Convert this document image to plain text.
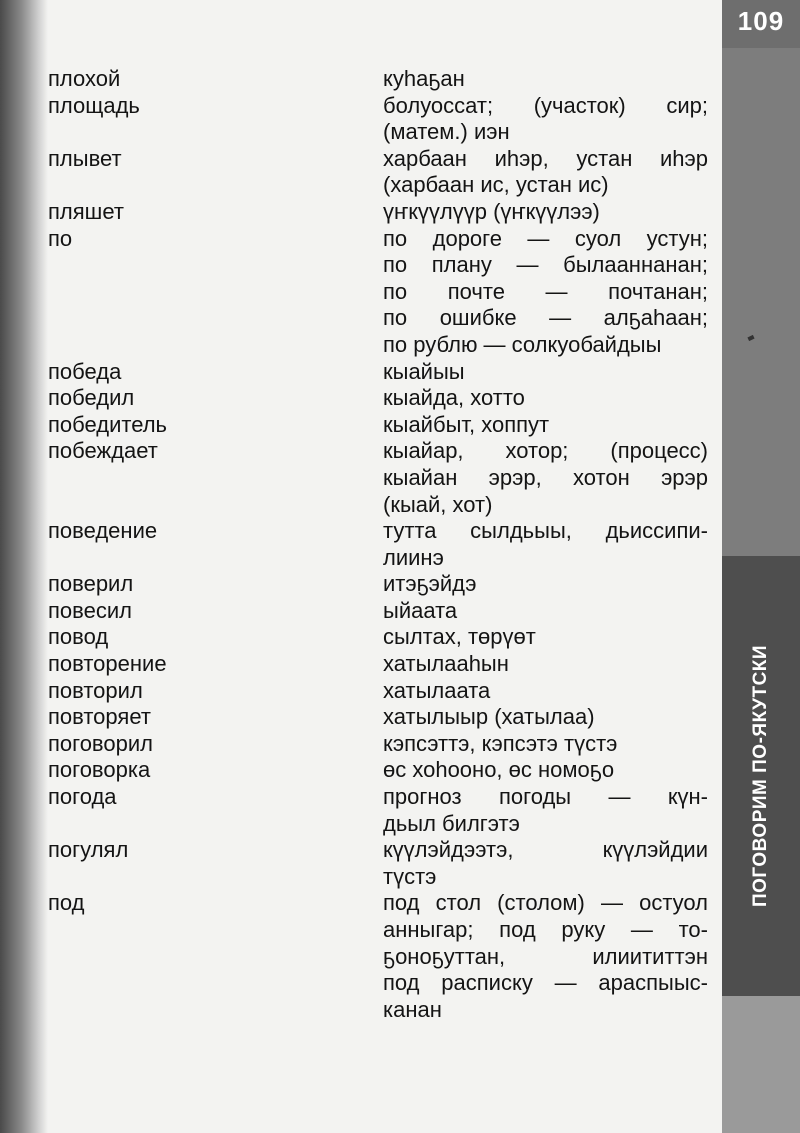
109
ПОГОВОРИМ ПО-ЯКУТСКИ
плохой	куhаҕан
площадь	болуоссат; (участок) сир;
(матем.) иэн
плывет	харбаан иhэр, устан иhэр
(харбаан ис, устан ис)
пляшет	үҥкүүлүүр (үҥкүүлээ)
по	по дороге — суол устун;
по плану — былааннанан;
по почте — почтанан;
по ошибке — алҕаhаан;
по рублю — солкуобайдыы
победа	кыайыы
победил	кыайда, хотто
победитель	кыайбыт, хоппут
побеждает	кыайар, хотор; (процесс)
кыайан эрэр, хотон эрэр
(кыай, хот)
поведение	тутта сылдьыы, дьиссипи-
лиинэ
поверил	итэҕэйдэ
повесил	ыйаата
повод	сылтах, төрүөт
повторение	хатылааhын
повторил	хатылаата
повторяет	хатылыыр (хатылаа)
поговорил	кэпсэттэ, кэпсэтэ түстэ
поговорка	өс хоhооно, өс номоҕо
погода	прогноз погоды — күн-
дьыл билгэтэ
погулял	күүлэйдээтэ, күүлэйдии
түстэ
под	под стол (столом) — остуол
анныгар; под руку — то-
ҕоноҕуттан, илиититтэн
под расписку — араспыыс-
канан
